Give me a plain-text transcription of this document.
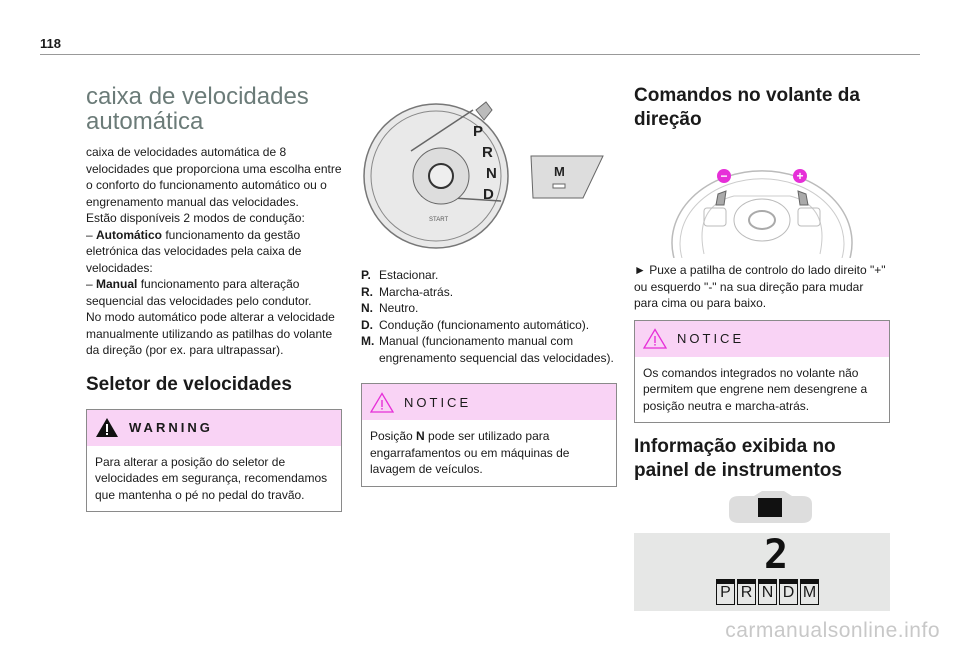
118
caixa de velocidades automática
caixa de velocidades automática de 8 velocidades que proporciona uma escolha entre o conforto do funcionamento automático ou o engrenamento manual das velocidades.
Estão disponíveis 2 modos de condução:
– Automático funcionamento da gestão eletrónica das velocidades pela caixa de velocidades:
– Manual funcionamento para alteração sequencial das velocidades pelo condutor.
No modo automático pode alterar a velocidade manualmente utilizando as patilhas do volante da direção (por ex. para ultrapassar).
Seletor de velocidades
WARNING
Para alterar a posição do seletor de velocidades em segurança, recomendamos que mantenha o pé no pedal do travão.
P
R
N
D
START
M
P. Estacionar.
R. Marcha-atrás.
N. Neutro.
D. Condução (funcionamento automático).
M. Manual (funcionamento manual com engrenamento sequencial das velocidades).
NOTICE
Posição N pode ser utilizado para engarrafamentos ou em máquinas de lavagem de veículos.
Comandos no volante da direção
−	+
► Puxe a patilha de controlo do lado direito "+" ou esquerdo "-" na sua direção para mudar para cima ou para baixo.
NOTICE
Os comandos integrados no volante não permitem que engrene nem desengrene a posição neutra e marcha-atrás.
Informação exibida no painel de instrumentos
2
P R N D M
carmanualsonline.info
